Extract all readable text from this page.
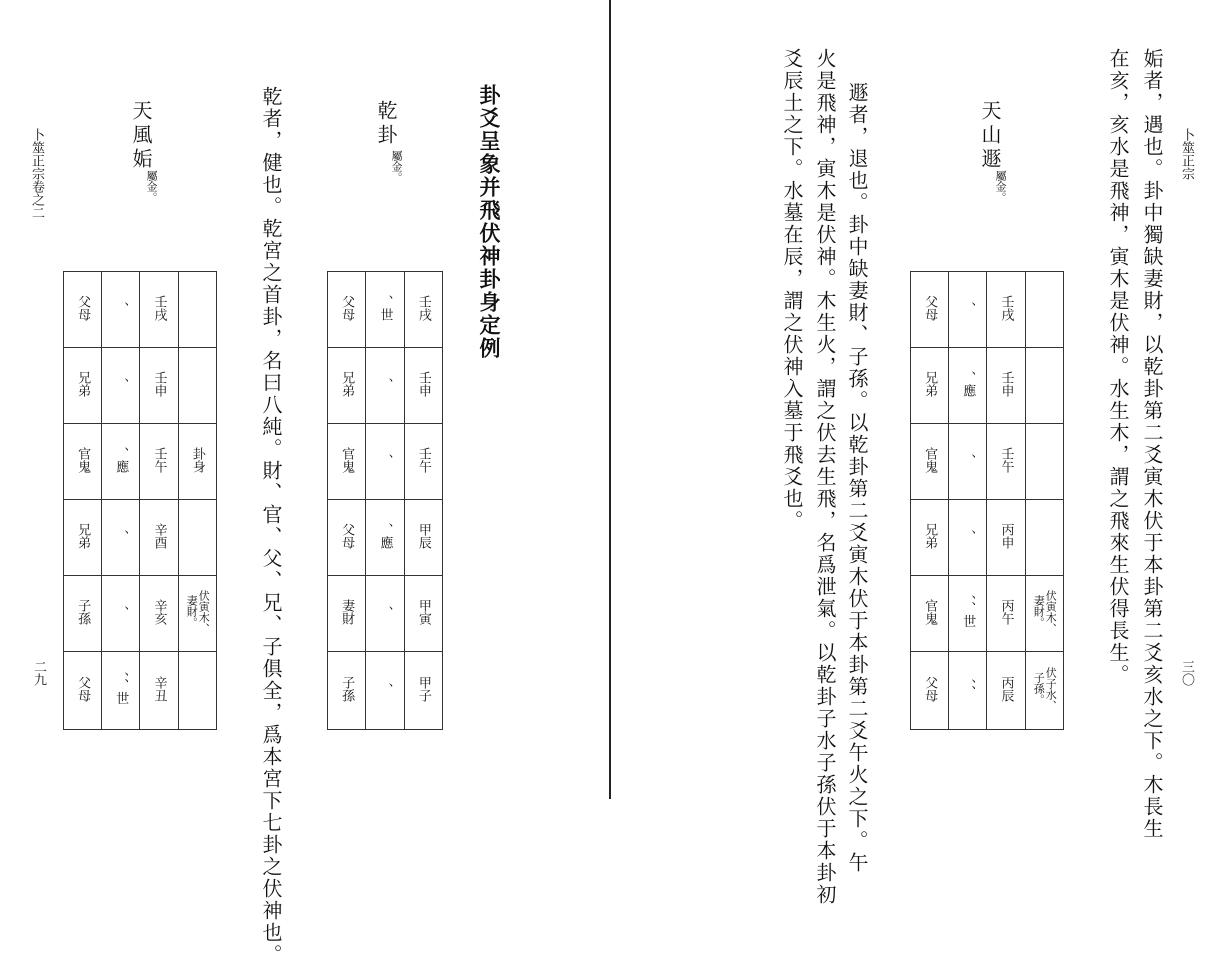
卜筮正宗卷之二
二九
卦爻呈象并飛伏神卦身定例
乾卦
屬金。
父母	、世	壬戌
兄弟	、	壬申
官鬼	、	壬午
父母	、應	甲辰
妻財	、	甲寅
子孫	、	甲子
乾者，健也。乾宮之首卦，名曰八純。財、官、父、兄、子俱全，爲本宮下七卦之伏神也。
天風姤
屬金。
父母	、	壬戌	
兄弟	、	壬申	
官鬼	、應	壬午	卦身
兄弟	、	辛酉	
子孫	、	辛亥	伏寅木、妻財。
父母	、、世	辛丑	
卜筮正宗
三〇
姤者，遇也。卦中獨缺妻財，以乾卦第二爻寅木伏于本卦第二爻亥水之下。木長生
在亥，亥水是飛神，寅木是伏神。水生木，謂之飛來生伏得長生。
天山遯
屬金。
父母	、	壬戌	
兄弟	、應	壬申	
官鬼	、	壬午	
兄弟	、	丙申	
官鬼	、、世	丙午	伏寅木、妻財。
父母	、、	丙辰	伏子水、子孫。
遯者，退也。卦中缺妻財、子孫。以乾卦第二爻寅木伏于本卦第二爻午火之下。午
火是飛神，寅木是伏神。木生火，謂之伏去生飛，名爲泄氣。以乾卦子水子孫伏于本卦初
爻辰土之下。水墓在辰，謂之伏神入墓于飛爻也。
